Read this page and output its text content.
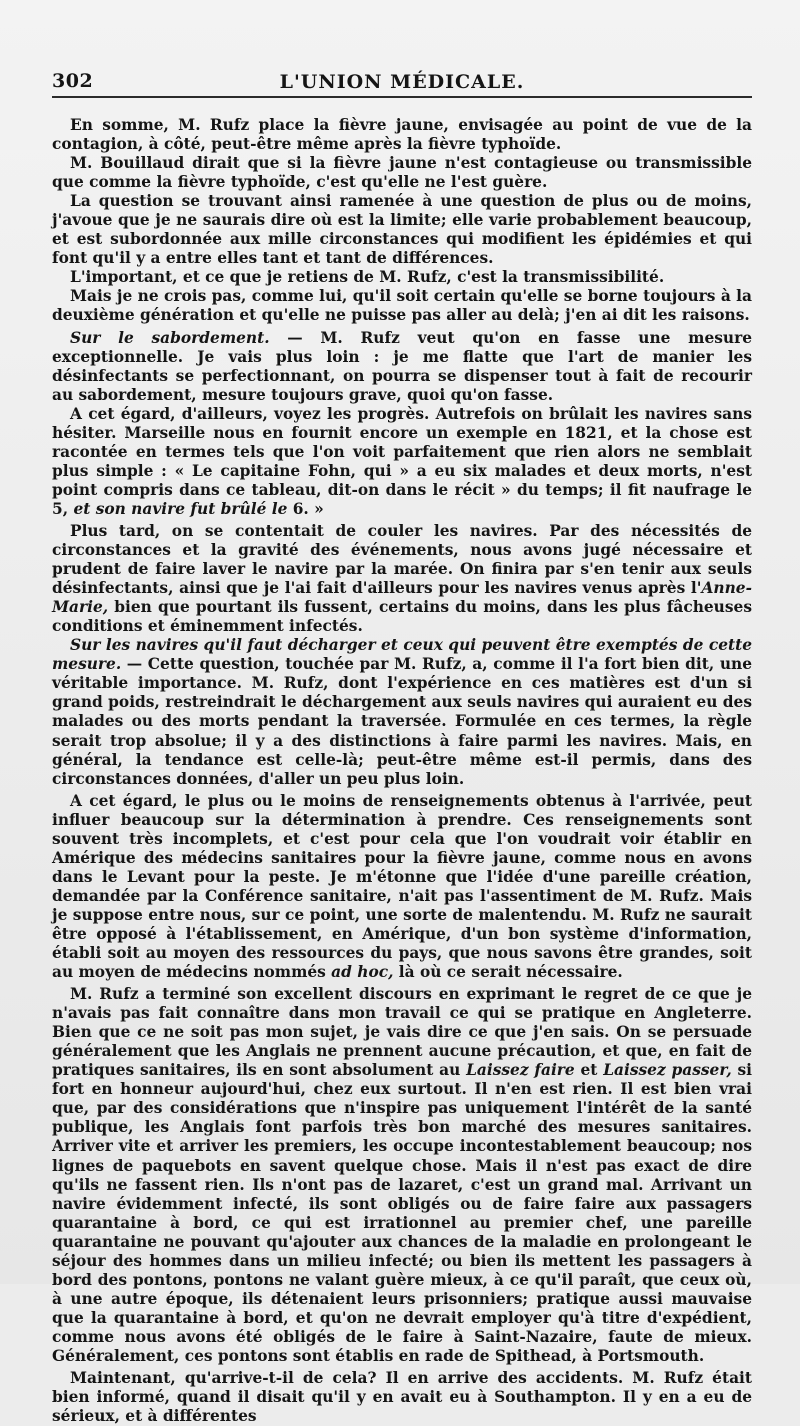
302	L'UNION MÉDICALE.

En somme, M. Rufz place la fièvre jaune, envisagée au point de vue de la contagion, à côté, peut-être même après la fièvre typhoïde.

M. Bouillaud dirait que si la fièvre jaune n'est contagieuse ou transmissible que comme la fièvre typhoïde, c'est qu'elle ne l'est guère.

La question se trouvant ainsi ramenée à une question de plus ou de moins, j'avoue que je ne saurais dire où est la limite; elle varie probablement beaucoup, et est subordonnée aux mille circonstances qui modifient les épidémies et qui font qu'il y a entre elles tant et tant de différences.

L'important, et ce que je retiens de M. Rufz, c'est la transmissibilité.

Mais je ne crois pas, comme lui, qu'il soit certain qu'elle se borne toujours à la deuxième génération et qu'elle ne puisse pas aller au delà; j'en ai dit les raisons.

Sur le sabordement. — M. Rufz veut qu'on en fasse une mesure exceptionnelle. Je vais plus loin : je me flatte que l'art de manier les désinfectants se perfectionnant, on pourra se dispenser tout à fait de recourir au sabordement, mesure toujours grave, quoi qu'on fasse.

A cet égard, d'ailleurs, voyez les progrès. Autrefois on brûlait les navires sans hésiter. Marseille nous en fournit encore un exemple en 1821, et la chose est racontée en termes tels que l'on voit parfaitement que rien alors ne semblait plus simple : « Le capitaine Fohn, qui » a eu six malades et deux morts, n'est point compris dans ce tableau, dit-on dans le récit » du temps; il fit naufrage le 5, et son navire fut brûlé le 6. »

Plus tard, on se contentait de couler les navires. Par des nécessités de circonstances et la gravité des événements, nous avons jugé nécessaire et prudent de faire laver le navire par la marée. On finira par s'en tenir aux seuls désinfectants, ainsi que je l'ai fait d'ailleurs pour les navires venus après l'Anne-Marie, bien que pourtant ils fussent, certains du moins, dans les plus fâcheuses conditions et éminemment infectés.

Sur les navires qu'il faut décharger et ceux qui peuvent être exemptés de cette mesure. — Cette question, touchée par M. Rufz, a, comme il l'a fort bien dit, une véritable importance. M. Rufz, dont l'expérience en ces matières est d'un si grand poids, restreindrait le déchargement aux seuls navires qui auraient eu des malades ou des morts pendant la traversée. Formulée en ces termes, la règle serait trop absolue; il y a des distinctions à faire parmi les navires. Mais, en général, la tendance est celle-là; peut-être même est-il permis, dans des circonstances données, d'aller un peu plus loin.

A cet égard, le plus ou le moins de renseignements obtenus à l'arrivée, peut influer beaucoup sur la détermination à prendre. Ces renseignements sont souvent très incomplets, et c'est pour cela que l'on voudrait voir établir en Amérique des médecins sanitaires pour la fièvre jaune, comme nous en avons dans le Levant pour la peste. Je m'étonne que l'idée d'une pareille création, demandée par la Conférence sanitaire, n'ait pas l'assentiment de M. Rufz. Mais je suppose entre nous, sur ce point, une sorte de malentendu. M. Rufz ne saurait être opposé à l'établissement, en Amérique, d'un bon système d'information, établi soit au moyen des ressources du pays, que nous savons être grandes, soit au moyen de médecins nommés ad hoc, là où ce serait nécessaire.

M. Rufz a terminé son excellent discours en exprimant le regret de ce que je n'avais pas fait connaître dans mon travail ce qui se pratique en Angleterre. Bien que ce ne soit pas mon sujet, je vais dire ce que j'en sais. On se persuade généralement que les Anglais ne prennent aucune précaution, et que, en fait de pratiques sanitaires, ils en sont absolument au Laissez faire et Laissez passer, si fort en honneur aujourd'hui, chez eux surtout. Il n'en est rien. Il est bien vrai que, par des considérations que n'inspire pas uniquement l'intérêt de la santé publique, les Anglais font parfois très bon marché des mesures sanitaires. Arriver vite et arriver les premiers, les occupe incontestablement beaucoup; nos lignes de paquebots en savent quelque chose. Mais il n'est pas exact de dire qu'ils ne fassent rien. Ils n'ont pas de lazaret, c'est un grand mal. Arrivant un navire évidemment infecté, ils sont obligés ou de faire faire aux passagers quarantaine à bord, ce qui est irrationnel au premier chef, une pareille quarantaine ne pouvant qu'ajouter aux chances de la maladie en prolongeant le séjour des hommes dans un milieu infecté; ou bien ils mettent les passagers à bord des pontons, pontons ne valant guère mieux, à ce qu'il paraît, que ceux où, à une autre époque, ils détenaient leurs prisonniers; pratique aussi mauvaise que la quarantaine à bord, et qu'on ne devrait employer qu'à titre d'expédient, comme nous avons été obligés de le faire à Saint-Nazaire, faute de mieux. Généralement, ces pontons sont établis en rade de Spithead, à Portsmouth.

Maintenant, qu'arrive-t-il de cela? Il en arrive des accidents. M. Rufz était bien informé, quand il disait qu'il y en avait eu à Southampton. Il y en a eu de sérieux, et à différentes
